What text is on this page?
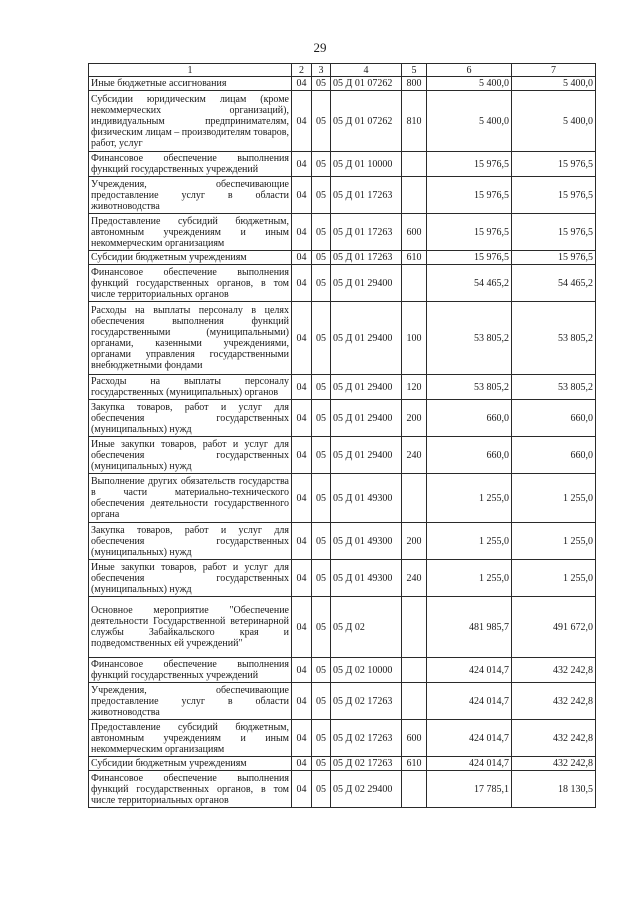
29
1	2	3	4	5	6	7
Иные бюджетные ассигнования	04	05	05 Д 01 07262	800	5 400,0	5 400,0
Субсидии юридическим лицам (кроме некоммерческих организаций), индивидуальным предпринимателям, физическим лицам – производителям товаров, работ, услуг	04	05	05 Д 01 07262	810	5 400,0	5 400,0
Финансовое обеспечение выполнения функций государственных учреждений	04	05	05 Д 01 10000		15 976,5	15 976,5
Учреждения, обеспечивающие предоставление услуг в области животноводства	04	05	05 Д 01 17263		15 976,5	15 976,5
Предоставление субсидий бюджетным, автономным учреждениям и иным некоммерческим организациям	04	05	05 Д 01 17263	600	15 976,5	15 976,5
Субсидии бюджетным учреждениям	04	05	05 Д 01 17263	610	15 976,5	15 976,5
Финансовое обеспечение выполнения функций государственных органов, в том числе территориальных органов	04	05	05 Д 01 29400		54 465,2	54 465,2
Расходы на выплаты персоналу в целях обеспечения выполнения функций государственными (муниципальными) органами, казенными учреждениями, органами управления государственными внебюджетными фондами	04	05	05 Д 01 29400	100	53 805,2	53 805,2
Расходы на выплаты персоналу государственных (муниципальных) органов	04	05	05 Д 01 29400	120	53 805,2	53 805,2
Закупка товаров, работ и услуг для обеспечения государственных (муниципальных) нужд	04	05	05 Д 01 29400	200	660,0	660,0
Иные закупки товаров, работ и услуг для обеспечения государственных (муниципальных) нужд	04	05	05 Д 01 29400	240	660,0	660,0
Выполнение других обязательств государства в части материально-технического обеспечения деятельности государственного органа	04	05	05 Д 01 49300		1 255,0	1 255,0
Закупка товаров, работ и услуг для обеспечения государственных (муниципальных) нужд	04	05	05 Д 01 49300	200	1 255,0	1 255,0
Иные закупки товаров, работ и услуг для обеспечения государственных (муниципальных) нужд	04	05	05 Д 01 49300	240	1 255,0	1 255,0
Основное мероприятие "Обеспечение деятельности Государственной ветеринарной службы Забайкальского края и подведомственных ей учреждений"	04	05	05 Д 02		481 985,7	491 672,0
Финансовое обеспечение выполнения функций государственных учреждений	04	05	05 Д 02 10000		424 014,7	432 242,8
Учреждения, обеспечивающие предоставление услуг в области животноводства	04	05	05 Д 02 17263		424 014,7	432 242,8
Предоставление субсидий бюджетным, автономным учреждениям и иным некоммерческим организациям	04	05	05 Д 02 17263	600	424 014,7	432 242,8
Субсидии бюджетным учреждениям	04	05	05 Д 02 17263	610	424 014,7	432 242,8
Финансовое обеспечение выполнения функций государственных органов, в том числе территориальных органов	04	05	05 Д 02 29400		17 785,1	18 130,5
